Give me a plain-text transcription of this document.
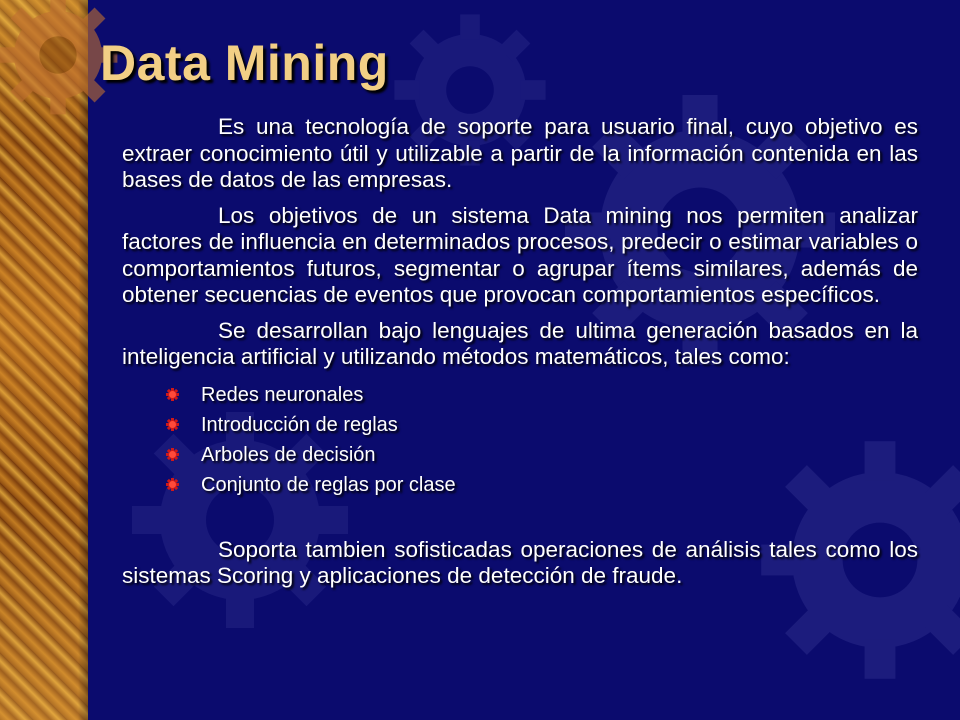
Data Mining

Es una tecnología de soporte para usuario final, cuyo objetivo es extraer conocimiento útil y utilizable a partir de la información contenida en las bases de datos de las empresas.

Los objetivos de un sistema Data mining nos permiten analizar factores de influencia en determinados procesos, predecir o estimar variables o comportamientos futuros, segmentar o agrupar ítems similares, además de obtener secuencias de eventos que provocan comportamientos específicos.

Se desarrollan bajo lenguajes de ultima generación basados en la inteligencia artificial y utilizando métodos matemáticos, tales como:

Redes neuronales
Introducción de reglas
Arboles de decisión
Conjunto de reglas por clase

Soporta tambien sofisticadas operaciones de análisis tales como los sistemas Scoring y aplicaciones de detección de fraude.
